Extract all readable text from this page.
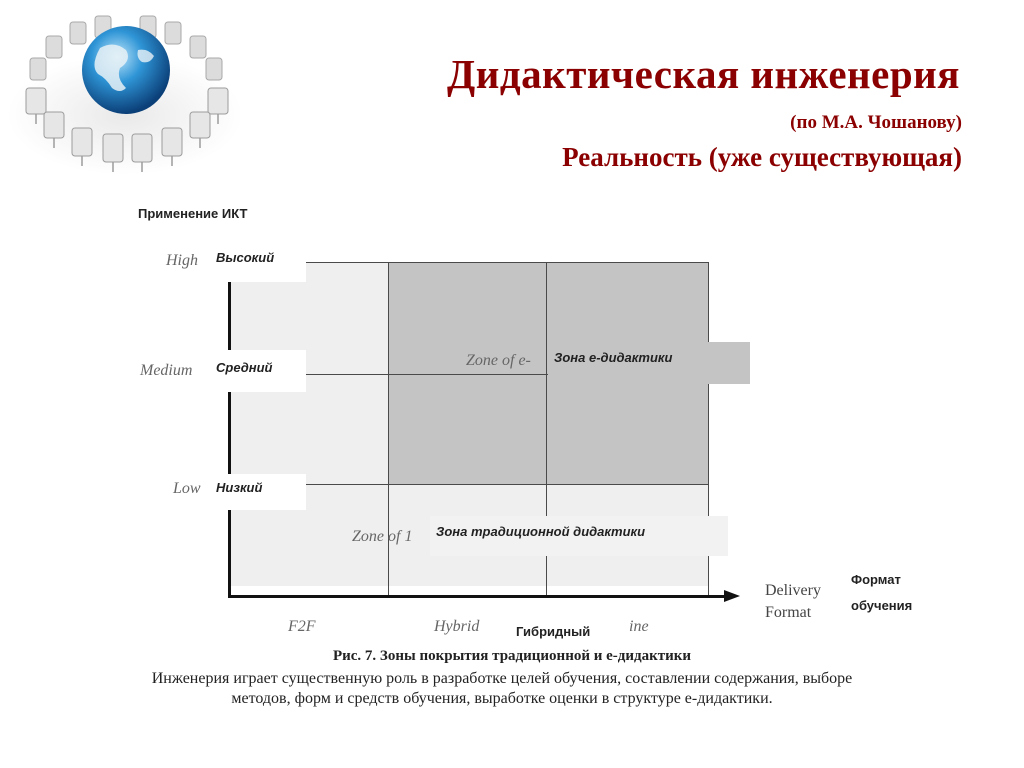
Дидактическая инженерия
(по М.А. Чошанову)
Реальность (уже существующая)
Применение ИКТ
High	Высокий
Medium	Средний
Low	Низкий
Zone of e-	Зона е-дидактики
Zone of 1	Зона традиционной дидактики
F2F	Hybrid	Гибридный ine
Delivery
Format
Формат
обучения
Рис. 7. Зоны покрытия традиционной и е-дидактики
Инженерия играет существенную роль в разработке целей обучения, составлении содержания, выборе методов, форм и средств обучения, выработке оценки в структуре е-дидактики.
